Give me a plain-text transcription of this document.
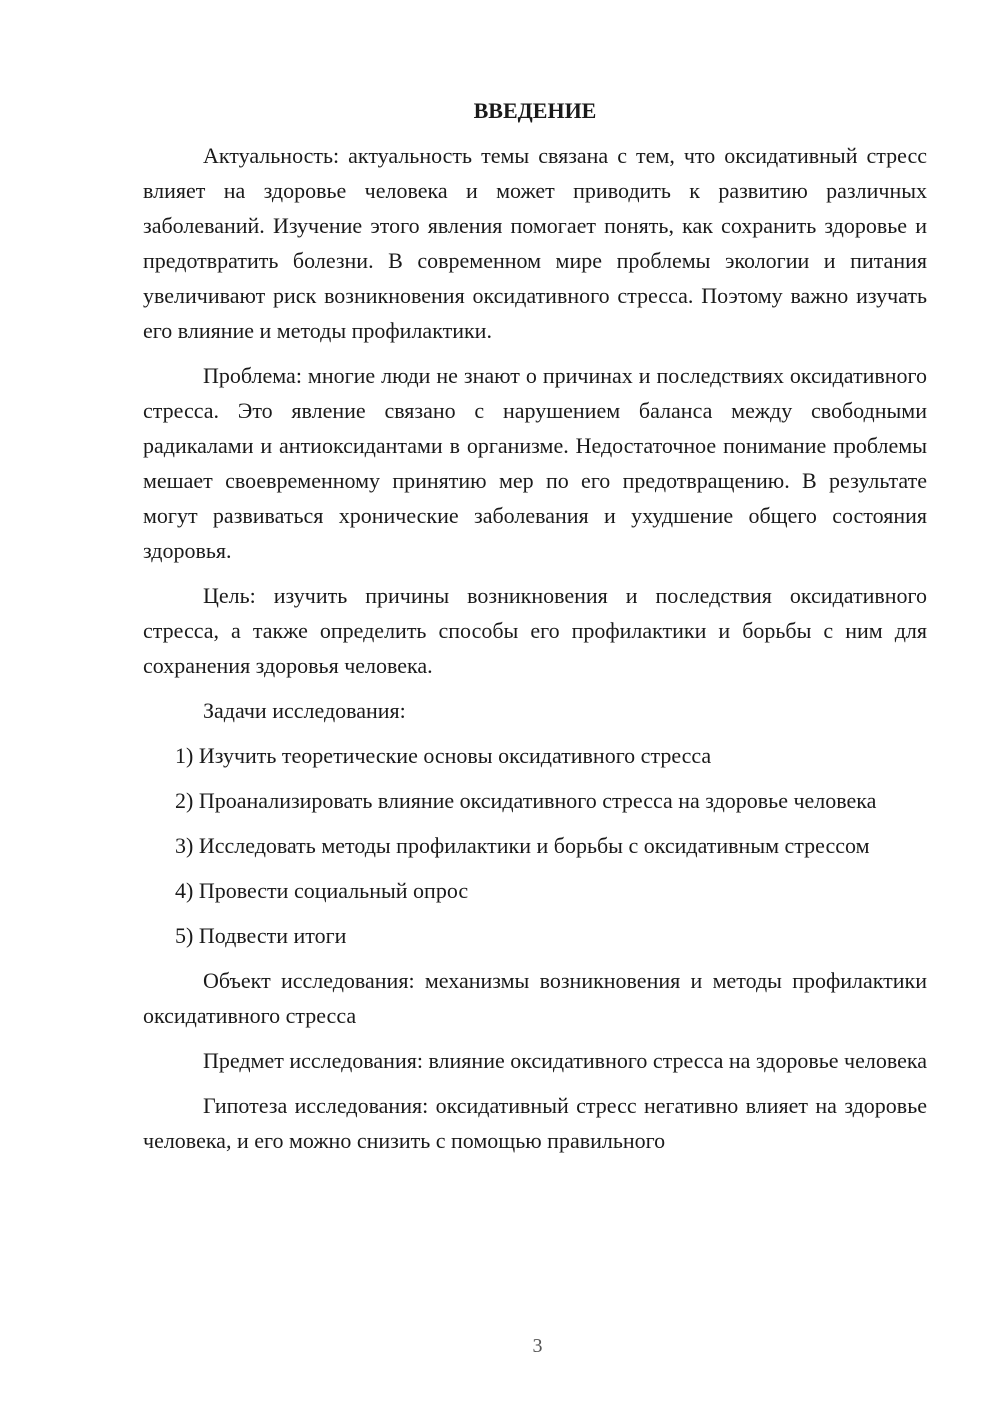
ВВЕДЕНИЕ

Актуальность: актуальность темы связана с тем, что оксидативный стресс влияет на здоровье человека и может приводить к развитию различных заболеваний. Изучение этого явления помогает понять, как сохранить здоровье и предотвратить болезни. В современном мире проблемы экологии и питания увеличивают риск возникновения оксидативного стресса. Поэтому важно изучать его влияние и методы профилактики.

Проблема: многие люди не знают о причинах и последствиях оксидативного стресса. Это явление связано с нарушением баланса между свободными радикалами и антиоксидантами в организме. Недостаточное понимание проблемы мешает своевременному принятию мер по его предотвращению. В результате могут развиваться хронические заболевания и ухудшение общего состояния здоровья.

Цель: изучить причины возникновения и последствия оксидативного стресса, а также определить способы его профилактики и борьбы с ним для сохранения здоровья человека.

Задачи исследования:

1) Изучить теоретические основы оксидативного стресса

2) Проанализировать влияние оксидативного стресса на здоровье человека

3) Исследовать методы профилактики и борьбы с оксидативным стрессом

4) Провести социальный опрос

5) Подвести итоги

Объект исследования: механизмы возникновения и методы профилактики оксидативного стресса

Предмет исследования: влияние оксидативного стресса на здоровье человека

Гипотеза исследования: оксидативный стресс негативно влияет на здоровье человека, и его можно снизить с помощью правильного

3
